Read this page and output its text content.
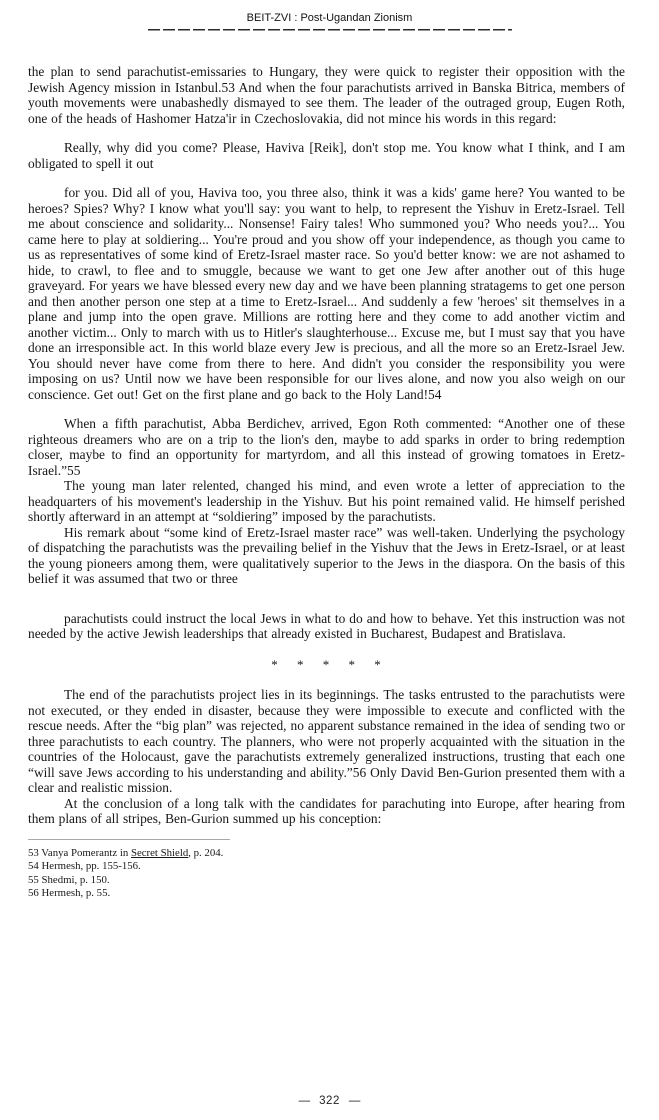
BEIT-ZVI : Post-Ugandan Zionism

the plan to send parachutist-emissaries to Hungary, they were quick to register their opposition with the Jewish Agency mission in Istanbul.53 And when the four parachutists arrived in Banska Bitrica, members of youth movements were unabashedly dismayed to see them. The leader of the outraged group, Eugen Roth, one of the heads of Hashomer Hatza'ir in Czechoslovakia, did not mince his words in this regard:

Really, why did you come? Please, Haviva [Reik], don't stop me. You know what I think, and I am obligated to spell it out

for you. Did all of you, Haviva too, you three also, think it was a kids' game here? You wanted to be heroes? Spies? Why? I know what you'll say: you want to help, to represent the Yishuv in Eretz-Israel. Tell me about conscience and solidarity... Nonsense! Fairy tales! Who summoned you? Who needs you?... You came here to play at soldiering... You're proud and you show off your independence, as though you came to us as representatives of some kind of Eretz-Israel master race. So you'd better know: we are not ashamed to hide, to crawl, to flee and to smuggle, because we want to get one Jew after another out of this huge graveyard. For years we have blessed every new day and we have been planning stratagems to get one person and then another person one step at a time to Eretz-Israel... And suddenly a few 'heroes' sit themselves in a plane and jump into the open grave. Millions are rotting here and they come to add another victim and another victim... Only to march with us to Hitler's slaughterhouse... Excuse me, but I must say that you have done an irresponsible act. In this world blaze every Jew is precious, and all the more so an Eretz-Israel Jew. You should never have come from there to here. And didn't you consider the responsibility you were imposing on us? Until now we have been responsible for our lives alone, and now you also weigh on our conscience. Get out! Get on the first plane and go back to the Holy Land!54

When a fifth parachutist, Abba Berdichev, arrived, Egon Roth commented: “Another one of these righteous dreamers who are on a trip to the lion's den, maybe to add sparks in order to bring redemption closer, maybe to find an opportunity for martyrdom, and all this instead of growing tomatoes in Eretz-Israel.”55

The young man later relented, changed his mind, and even wrote a letter of appreciation to the headquarters of his movement's leadership in the Yishuv. But his point remained valid. He himself perished shortly afterward in an attempt at “soldiering” imposed by the parachutists.

His remark about “some kind of Eretz-Israel master race” was well-taken. Underlying the psychology of dispatching the parachutists was the prevailing belief in the Yishuv that the Jews in Eretz-Israel, or at least the young pioneers among them, were qualitatively superior to the Jews in the diaspora. On the basis of this belief it was assumed that two or three

parachutists could instruct the local Jews in what to do and how to behave. Yet this instruction was not needed by the active Jewish leaderships that already existed in Bucharest, Budapest and Bratislava.

* * * * *

The end of the parachutists project lies in its beginnings. The tasks entrusted to the parachutists were not executed, or they ended in disaster, because they were impossible to execute and conflicted with the rescue needs. After the “big plan” was rejected, no apparent substance remained in the idea of sending two or three parachutists to each country. The planners, who were not properly acquainted with the situation in the countries of the Holocaust, gave the parachutists extremely generalized instructions, trusting that each one “will save Jews according to his understanding and ability.”56 Only David Ben-Gurion presented them with a clear and realistic mission.

At the conclusion of a long talk with the candidates for parachuting into Europe, after hearing from them plans of all stripes, Ben-Gurion summed up his conception:

53 Vanya Pomerantz in Secret Shield, p. 204.
54 Hermesh, pp. 155-156.
55 Shedmi, p. 150.
56 Hermesh, p. 55.
— 322 —
